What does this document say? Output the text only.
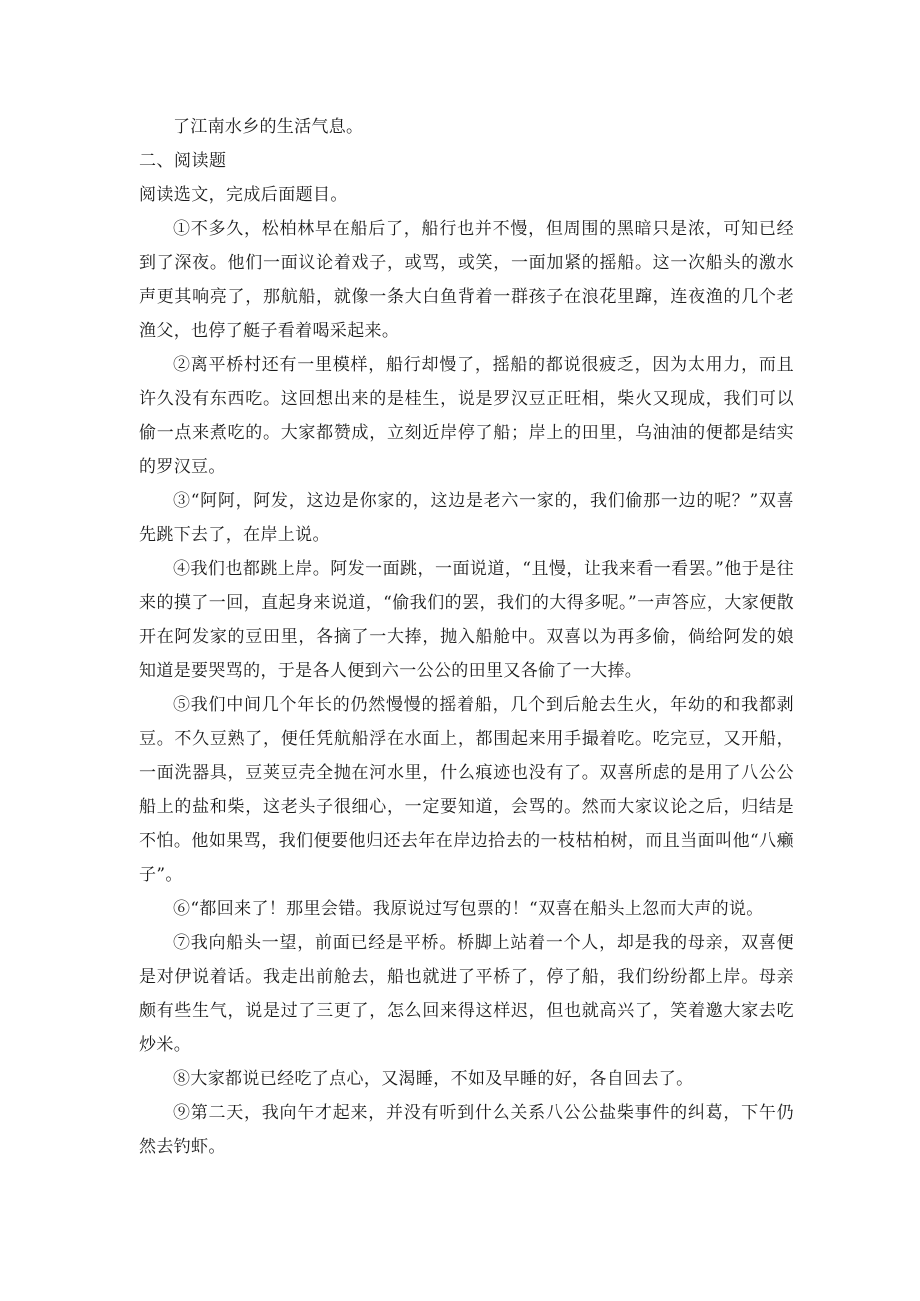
了江南水乡的生活气息。

二、阅读题

阅读选文，完成后面题目。

①不多久，松柏林早在船后了，船行也并不慢，但周围的黑暗只是浓，可知已经到了深夜。他们一面议论着戏子，或骂，或笑，一面加紧的摇船。这一次船头的激水声更其响亮了，那航船，就像一条大白鱼背着一群孩子在浪花里蹿，连夜渔的几个老渔父，也停了艇子看着喝采起来。

②离平桥村还有一里模样，船行却慢了，摇船的都说很疲乏，因为太用力，而且许久没有东西吃。这回想出来的是桂生，说是罗汉豆正旺相，柴火又现成，我们可以偷一点来煮吃的。大家都赞成，立刻近岸停了船；岸上的田里，乌油油的便都是结实的罗汉豆。

③“阿阿，阿发，这边是你家的，这边是老六一家的，我们偷那一边的呢？”双喜先跳下去了，在岸上说。

④我们也都跳上岸。阿发一面跳，一面说道，“且慢，让我来看一看罢。”他于是往来的摸了一回，直起身来说道，“偷我们的罢，我们的大得多呢。”一声答应，大家便散开在阿发家的豆田里，各摘了一大捧，抛入船舱中。双喜以为再多偷，倘给阿发的娘知道是要哭骂的，于是各人便到六一公公的田里又各偷了一大捧。

⑤我们中间几个年长的仍然慢慢的摇着船，几个到后舱去生火，年幼的和我都剥豆。不久豆熟了，便任凭航船浮在水面上，都围起来用手撮着吃。吃完豆，又开船，一面洗器具，豆荚豆壳全抛在河水里，什么痕迹也没有了。双喜所虑的是用了八公公船上的盐和柴，这老头子很细心，一定要知道，会骂的。然而大家议论之后，归结是不怕。他如果骂，我们便要他归还去年在岸边拾去的一枝枯柏树，而且当面叫他“八癞子”。

⑥“都回来了！那里会错。我原说过写包票的！“双喜在船头上忽而大声的说。

⑦我向船头一望，前面已经是平桥。桥脚上站着一个人，却是我的母亲，双喜便是对伊说着话。我走出前舱去，船也就进了平桥了，停了船，我们纷纷都上岸。母亲颇有些生气，说是过了三更了，怎么回来得这样迟，但也就高兴了，笑着邀大家去吃炒米。

⑧大家都说已经吃了点心，又渴睡，不如及早睡的好，各自回去了。

⑨第二天，我向午才起来，并没有听到什么关系八公公盐柴事件的纠葛，下午仍然去钓虾。
